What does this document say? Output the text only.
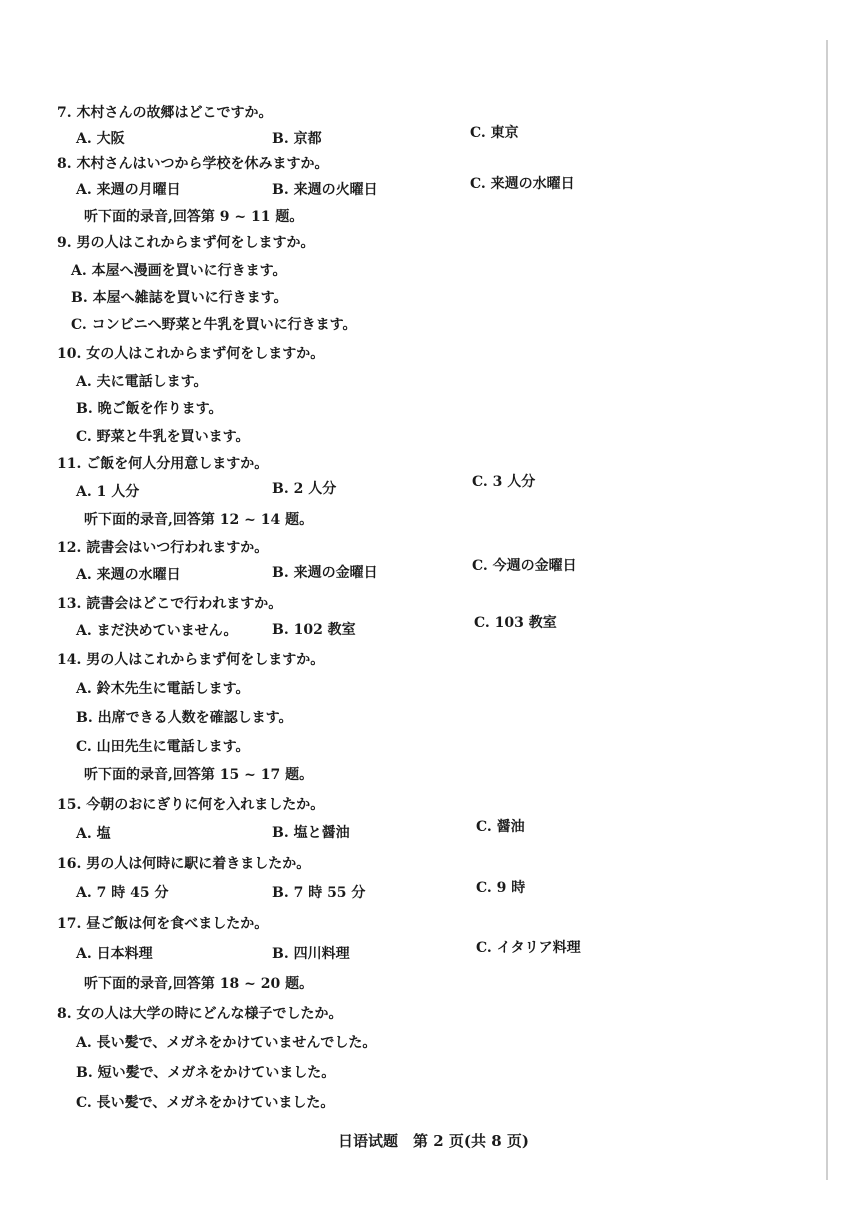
7. 木村さんの故郷はどこですか。
A. 大阪	B. 京都	C. 東京
8. 木村さんはいつから学校を休みますか。
A. 来週の月曜日	B. 来週の火曜日	C. 来週の水曜日
听下面的录音,回答第 9 ~ 11 题。
9. 男の人はこれからまず何をしますか。
A. 本屋へ漫画を買いに行きます。
B. 本屋へ雑誌を買いに行きます。
C. コンビニへ野菜と牛乳を買いに行きます。
10. 女の人はこれからまず何をしますか。
A. 夫に電話します。
B. 晩ご飯を作ります。
C. 野菜と牛乳を買います。
11. ご飯を何人分用意しますか。
A. 1 人分	B. 2 人分	C. 3 人分
听下面的录音,回答第 12 ~ 14 题。
12. 読書会はいつ行われますか。
A. 来週の水曜日	B. 来週の金曜日	C. 今週の金曜日
13. 読書会はどこで行われますか。
A. まだ決めていません。 B. 102 教室	C. 103 教室
14. 男の人はこれからまず何をしますか。
A. 鈴木先生に電話します。
B. 出席できる人数を確認します。
C. 山田先生に電話します。
听下面的录音,回答第 15 ~ 17 题。
15. 今朝のおにぎりに何を入れましたか。
A. 塩	B. 塩と醤油	C. 醤油
16. 男の人は何時に駅に着きましたか。
A. 7 時 45 分	B. 7 時 55 分	C. 9 時
17. 昼ご飯は何を食べましたか。
A. 日本料理	B. 四川料理	C. イタリア料理
听下面的录音,回答第 18 ~ 20 题。
8. 女の人は大学の時にどんな様子でしたか。
A. 長い髪で、メガネをかけていませんでした。
B. 短い髪で、メガネをかけていました。
C. 長い髪で、メガネをかけていました。
日语试题　第 2 页(共 8 页)
